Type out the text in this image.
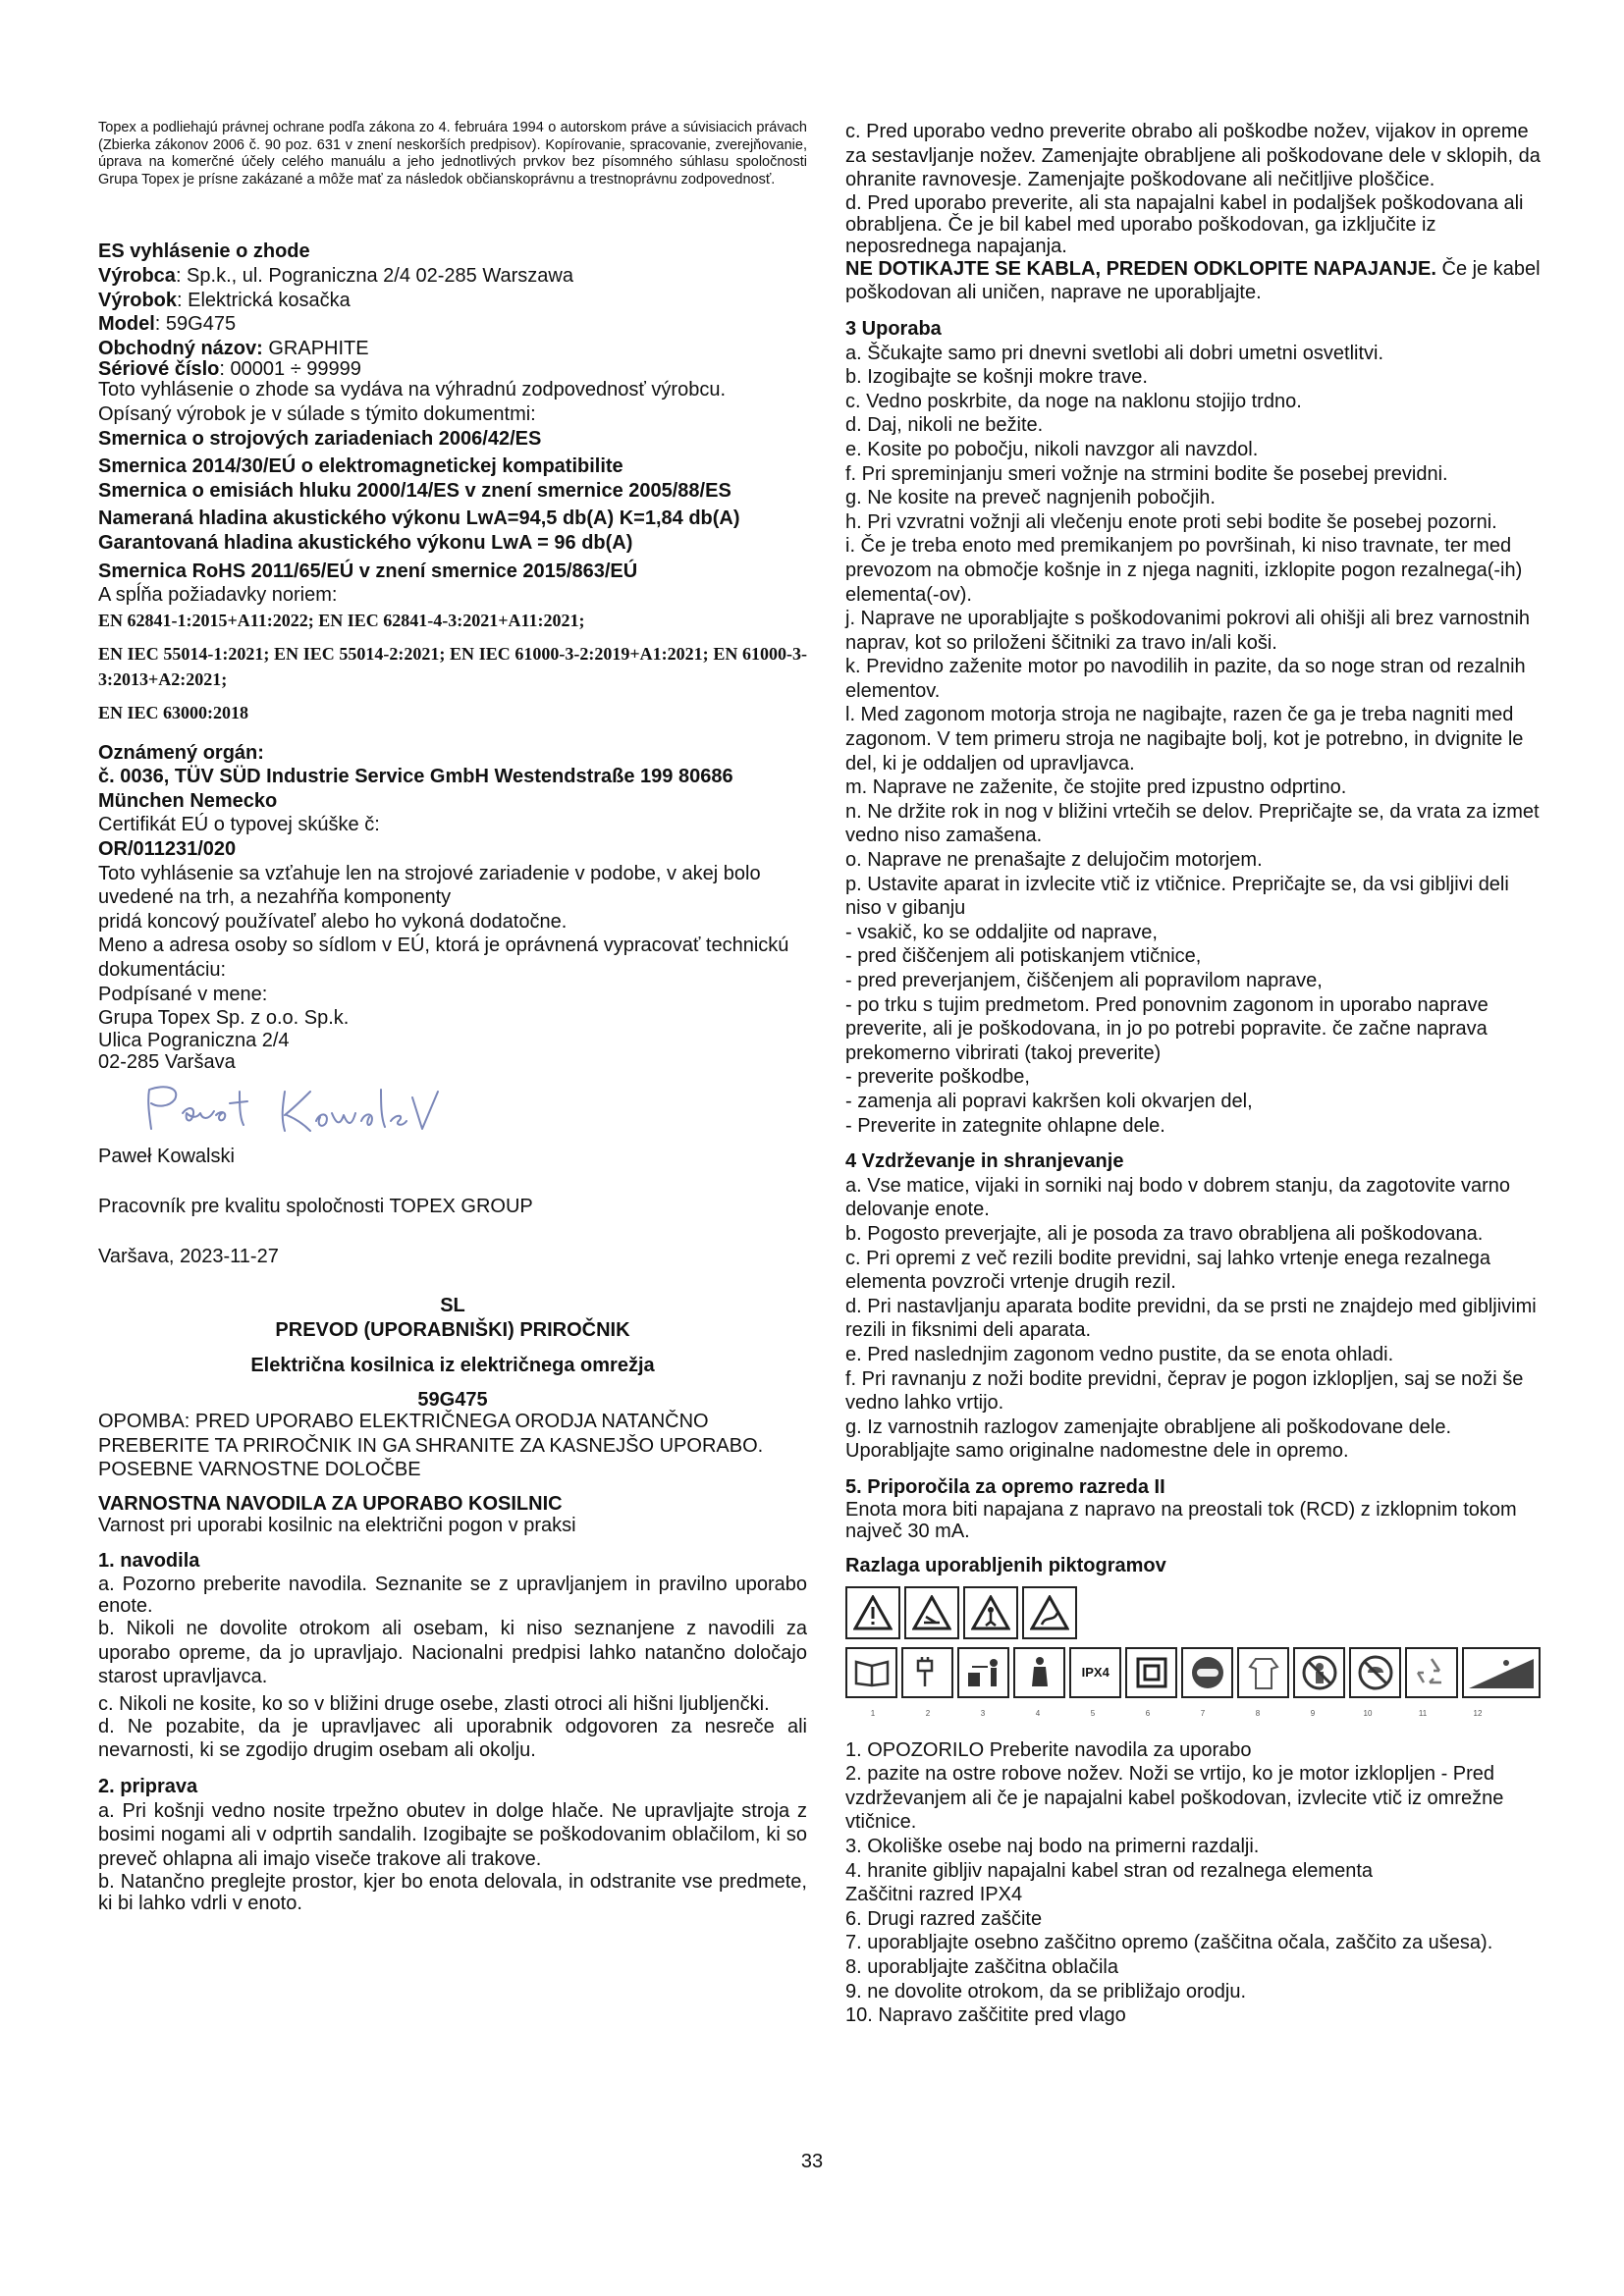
Topex a podliehajú právnej ochrane podľa zákona zo 4. februára 1994 o autorskom práve a súvisiacich právach (Zbierka zákonov 2006 č. 90 poz. 631 v znení neskorších predpisov). Kopírovanie, spracovanie, zverejňovanie, úprava na komerčné účely celého manuálu a jeho jednotlivých prvkov bez písomného súhlasu spoločnosti Grupa Topex je prísne zakázané a môže mať za následok občianskoprávnu a trestnoprávnu zodpovednosť.

ES vyhlásenie o zhode

Výrobca: Sp.k., ul. Pograniczna 2/4 02-285 Warszawa

Výrobok: Elektrická kosačka

Model: 59G475

Obchodný názov: GRAPHITE

Sériové číslo: 00001 ÷ 99999

Toto vyhlásenie o zhode sa vydáva na výhradnú zodpovednosť výrobcu.

Opísaný výrobok je v súlade s týmito dokumentmi:

Smernica o strojových zariadeniach 2006/42/ES

Smernica 2014/30/EÚ o elektromagnetickej kompatibilite

Smernica o emisiách hluku 2000/14/ES v znení smernice 2005/88/ES

Nameraná hladina akustického výkonu LwA=94,5 db(A) K=1,84 db(A)

Garantovaná hladina akustického výkonu LwA = 96 db(A)

Smernica RoHS 2011/65/EÚ v znení smernice 2015/863/EÚ

A spĺňa požiadavky noriem:

EN 62841-1:2015+A11:2022; EN IEC 62841-4-3:2021+A11:2021;

EN IEC 55014-1:2021; EN IEC 55014-2:2021; EN IEC 61000-3-2:2019+A1:2021; EN 61000-3-3:2013+A2:2021;

EN IEC 63000:2018

Oznámený orgán:

č. 0036, TÜV SÜD Industrie Service GmbH Westendstraße 199 80686 München Nemecko

Certifikát EÚ o typovej skúške č:

OR/011231/020

Toto vyhlásenie sa vzťahuje len na strojové zariadenie v podobe, v akej bolo uvedené na trh, a nezahŕňa komponenty

pridá koncový používateľ alebo ho vykoná dodatočne.

Meno a adresa osoby so sídlom v EÚ, ktorá je oprávnená vypracovať technickú dokumentáciu:

Podpísané v mene:

Grupa Topex Sp. z o.o. Sp.k.

Ulica Pograniczna 2/4

02-285 Varšava

Paweł Kowalski

Pracovník pre kvalitu spoločnosti TOPEX GROUP

Varšava, 2023-11-27

SL

PREVOD (UPORABNIŠKI) PRIROČNIK

Električna kosilnica iz električnega omrežja

59G475

OPOMBA: PRED UPORABO ELEKTRIČNEGA ORODJA NATANČNO PREBERITE TA PRIROČNIK IN GA SHRANITE ZA KASNEJŠO UPORABO.

POSEBNE VARNOSTNE DOLOČBE

VARNOSTNA NAVODILA ZA UPORABO KOSILNIC

Varnost pri uporabi kosilnic na električni pogon v praksi

1. navodila

a. Pozorno preberite navodila. Seznanite se z upravljanjem in pravilno uporabo enote.

b. Nikoli ne dovolite otrokom ali osebam, ki niso seznanjene z navodili za uporabo opreme, da jo upravljajo. Nacionalni predpisi lahko natančno določajo starost upravljavca.

c. Nikoli ne kosite, ko so v bližini druge osebe, zlasti otroci ali hišni ljubljenčki.

d. Ne pozabite, da je upravljavec ali uporabnik odgovoren za nesreče ali nevarnosti, ki se zgodijo drugim osebam ali okolju.

2. priprava

a. Pri košnji vedno nosite trpežno obutev in dolge hlače. Ne upravljajte stroja z bosimi nogami ali v odprtih sandalih. Izogibajte se poškodovanim oblačilom, ki so preveč ohlapna ali imajo viseče trakove ali trakove.

b. Natančno preglejte prostor, kjer bo enota delovala, in odstranite vse predmete, ki bi lahko vdrli v enoto.

c. Pred uporabo vedno preverite obrabo ali poškodbe nožev, vijakov in opreme za sestavljanje nožev. Zamenjajte obrabljene ali poškodovane dele v sklopih, da ohranite ravnovesje. Zamenjajte poškodovane ali nečitljive ploščice.

d. Pred uporabo preverite, ali sta napajalni kabel in podaljšek poškodovana ali obrabljena. Če je bil kabel med uporabo poškodovan, ga izključite iz neposrednega napajanja.

NE DOTIKAJTE SE KABLA, PREDEN ODKLOPITE NAPAJANJE. Če je kabel poškodovan ali uničen, naprave ne uporabljajte.

3 Uporaba

a. Ščukajte samo pri dnevni svetlobi ali dobri umetni osvetlitvi.

b. Izogibajte se košnji mokre trave.

c. Vedno poskrbite, da noge na naklonu stojijo trdno.

d. Daj, nikoli ne bežite.

e. Kosite po pobočju, nikoli navzgor ali navzdol.

f. Pri spreminjanju smeri vožnje na strmini bodite še posebej previdni.

g. Ne kosite na preveč nagnjenih pobočjih.

h. Pri vzvratni vožnji ali vlečenju enote proti sebi bodite še posebej pozorni.

i. Če je treba enoto med premikanjem po površinah, ki niso travnate, ter med prevozom na območje košnje in z njega nagniti, izklopite pogon rezalnega(-ih) elementa(-ov).

j. Naprave ne uporabljajte s poškodovanimi pokrovi ali ohišji ali brez varnostnih naprav, kot so priloženi ščitniki za travo in/ali koši.

k. Previdno zaženite motor po navodilih in pazite, da so noge stran od rezalnih elementov.

l. Med zagonom motorja stroja ne nagibajte, razen če ga je treba nagniti med zagonom. V tem primeru stroja ne nagibajte bolj, kot je potrebno, in dvignite le del, ki je oddaljen od upravljavca.

m. Naprave ne zaženite, če stojite pred izpustno odprtino.

n. Ne držite rok in nog v bližini vrtečih se delov. Prepričajte se, da vrata za izmet vedno niso zamašena.

o. Naprave ne prenašajte z delujočim motorjem.

p. Ustavite aparat in izvlecite vtič iz vtičnice. Prepričajte se, da vsi gibljivi deli niso v gibanju

- vsakič, ko se oddaljite od naprave,

- pred čiščenjem ali potiskanjem vtičnice,

- pred preverjanjem, čiščenjem ali popravilom naprave,

- po trku s tujim predmetom. Pred ponovnim zagonom in uporabo naprave preverite, ali je poškodovana, in jo po potrebi popravite. če začne naprava prekomerno vibrirati (takoj preverite)

- preverite poškodbe,

- zamenja ali popravi kakršen koli okvarjen del,

- Preverite in zategnite ohlapne dele.

4 Vzdrževanje in shranjevanje

a. Vse matice, vijaki in sorniki naj bodo v dobrem stanju, da zagotovite varno delovanje enote.

b. Pogosto preverjajte, ali je posoda za travo obrabljena ali poškodovana.

c. Pri opremi z več rezili bodite previdni, saj lahko vrtenje enega rezalnega elementa povzroči vrtenje drugih rezil.

d. Pri nastavljanju aparata bodite previdni, da se prsti ne znajdejo med gibljivimi rezili in fiksnimi deli aparata.

e. Pred naslednjim zagonom vedno pustite, da se enota ohladi.

f. Pri ravnanju z noži bodite previdni, čeprav je pogon izklopljen, saj se noži še vedno lahko vrtijo.

g. Iz varnostnih razlogov zamenjajte obrabljene ali poškodovane dele. Uporabljajte samo originalne nadomestne dele in opremo.

5. Priporočila za opremo razreda II

Enota mora biti napajana z napravo na preostali tok (RCD) z izklopnim tokom največ 30 mA.

Razlaga uporabljenih piktogramov

IPX4
1	2	3	4	5	6	7	8	9	10	11	12

1. OPOZORILO Preberite navodila za uporabo

2. pazite na ostre robove nožev. Noži se vrtijo, ko je motor izklopljen - Pred vzdrževanjem ali če je napajalni kabel poškodovan, izvlecite vtič iz omrežne vtičnice.

3. Okoliške osebe naj bodo na primerni razdalji.

4. hranite gibljiv napajalni kabel stran od rezalnega elementa

Zaščitni razred IPX4

6. Drugi razred zaščite

7. uporabljajte osebno zaščitno opremo (zaščitna očala, zaščito za ušesa).

8. uporabljajte zaščitna oblačila

9. ne dovolite otrokom, da se približajo orodju.

10. Napravo zaščitite pred vlago

33
